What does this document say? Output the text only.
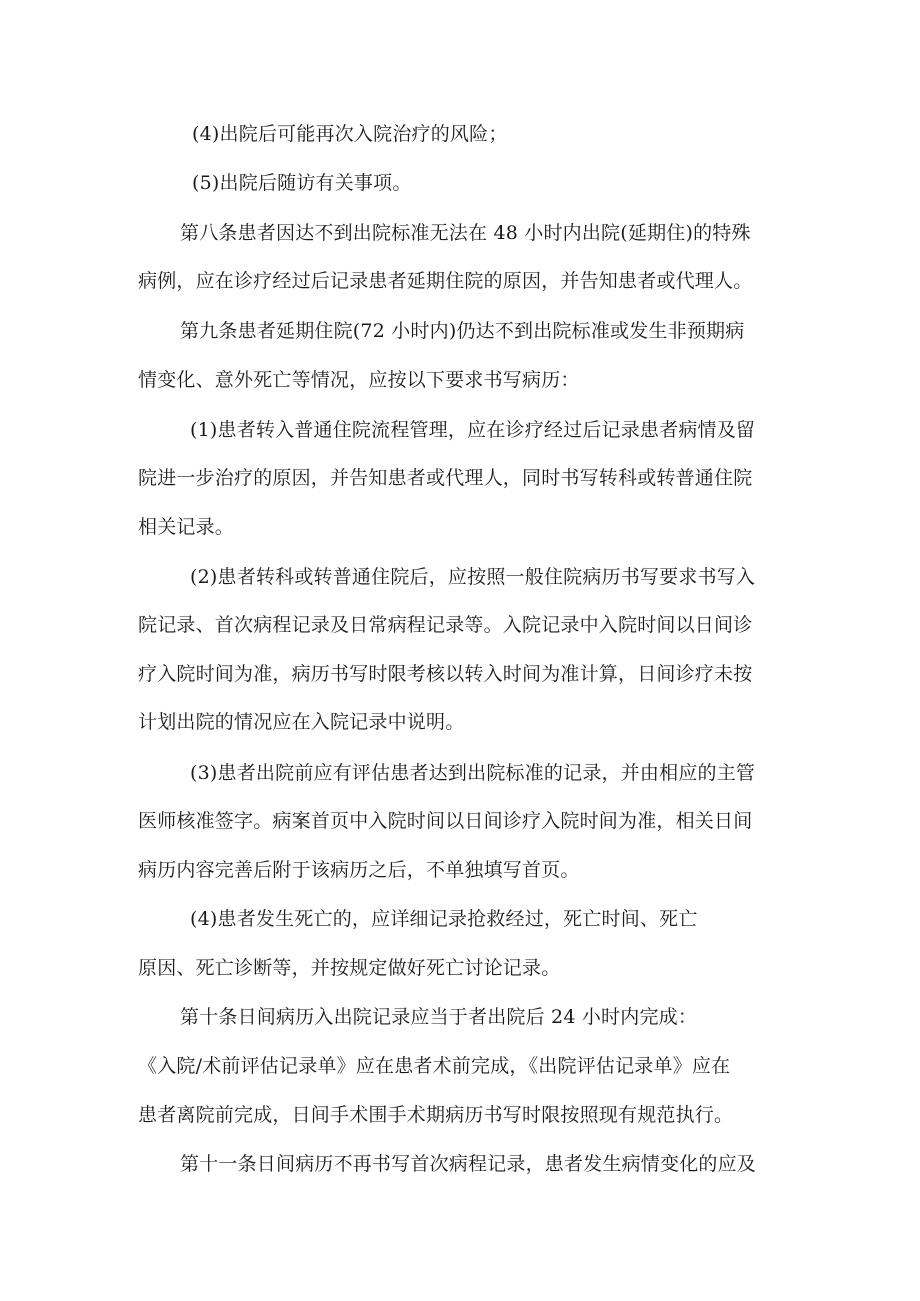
(4)出院后可能再次入院治疗的风险；
(5)出院后随访有关事项。
第八条患者因达不到出院标准无法在 48 小时内出院(延期住)的特殊
病例，应在诊疗经过后记录患者延期住院的原因，并告知患者或代理人。
第九条患者延期住院(72 小时内)仍达不到出院标准或发生非预期病
情变化、意外死亡等情况，应按以下要求书写病历：
(1)患者转入普通住院流程管理，应在诊疗经过后记录患者病情及留
院进一步治疗的原因，并告知患者或代理人，同时书写转科或转普通住院
相关记录。
(2)患者转科或转普通住院后，应按照一般住院病历书写要求书写入
院记录、首次病程记录及日常病程记录等。入院记录中入院时间以日间诊
疗入院时间为准，病历书写时限考核以转入时间为准计算，日间诊疗未按
计划出院的情况应在入院记录中说明。
(3)患者出院前应有评估患者达到出院标准的记录，并由相应的主管
医师核准签字。病案首页中入院时间以日间诊疗入院时间为准，相关日间
病历内容完善后附于该病历之后，不单独填写首页。
(4)患者发生死亡的，应详细记录抢救经过，死亡时间、死亡
原因、死亡诊断等，并按规定做好死亡讨论记录。
第十条日间病历入出院记录应当于者出院后 24 小时内完成：
《入院/术前评估记录单》应在患者术前完成，《出院评估记录单》应在
患者离院前完成，日间手术围手术期病历书写时限按照现有规范执行。
第十一条日间病历不再书写首次病程记录，患者发生病情变化的应及
